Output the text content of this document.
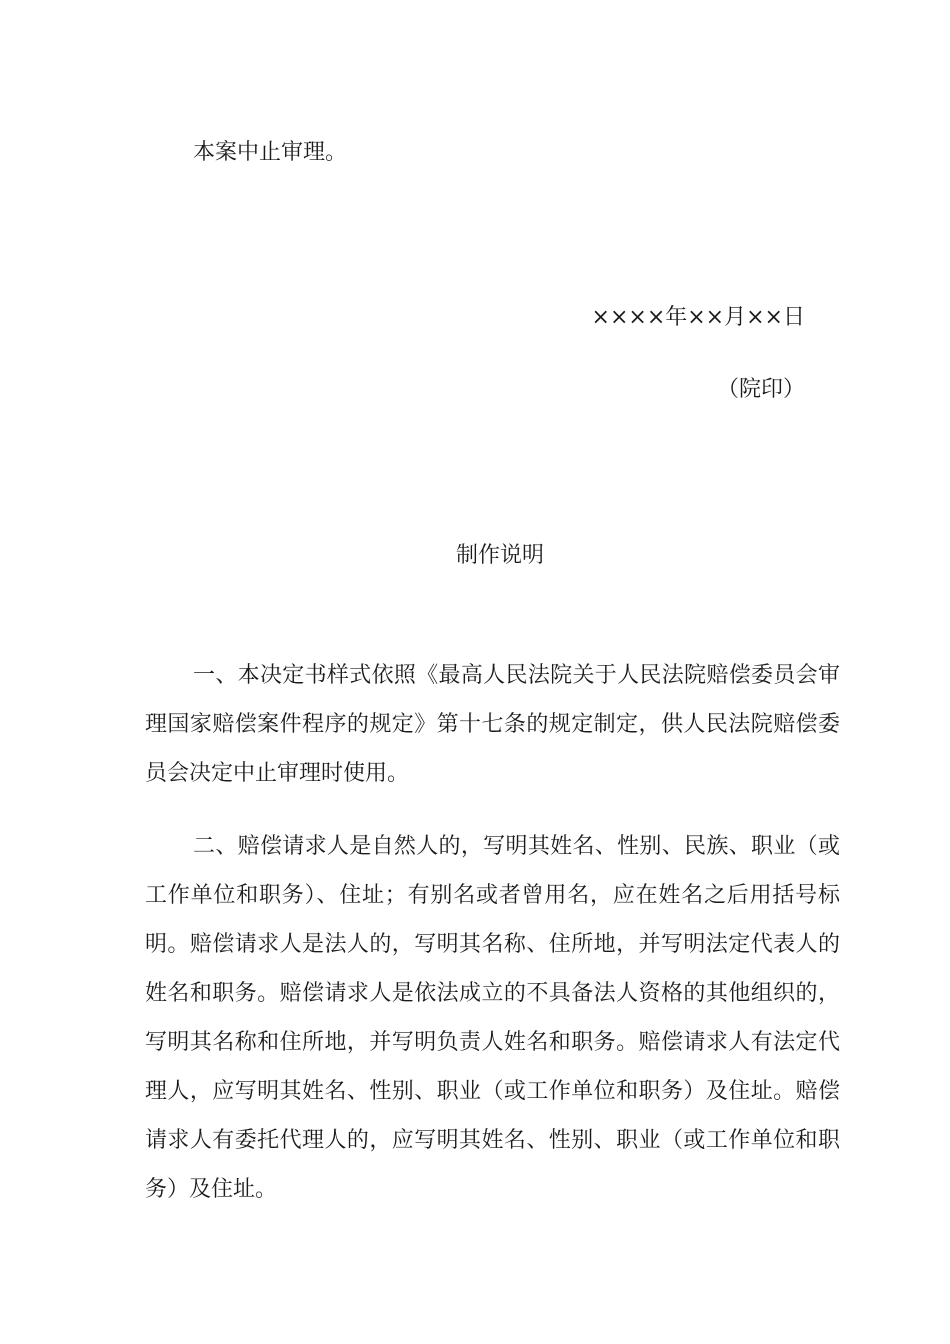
本案中止审理。
××××年××月××日
（院印）
制作说明
一、本决定书样式依照《最高人民法院关于人民法院赔偿委员会审理国家赔偿案件程序的规定》第十七条的规定制定，供人民法院赔偿委员会决定中止审理时使用。
二、赔偿请求人是自然人的，写明其姓名、性别、民族、职业（或工作单位和职务）、住址；有别名或者曾用名，应在姓名之后用括号标明。赔偿请求人是法人的，写明其名称、住所地，并写明法定代表人的姓名和职务。赔偿请求人是依法成立的不具备法人资格的其他组织的，写明其名称和住所地，并写明负责人姓名和职务。赔偿请求人有法定代理人，应写明其姓名、性别、职业（或工作单位和职务）及住址。赔偿请求人有委托代理人的，应写明其姓名、性别、职业（或工作单位和职务）及住址。
